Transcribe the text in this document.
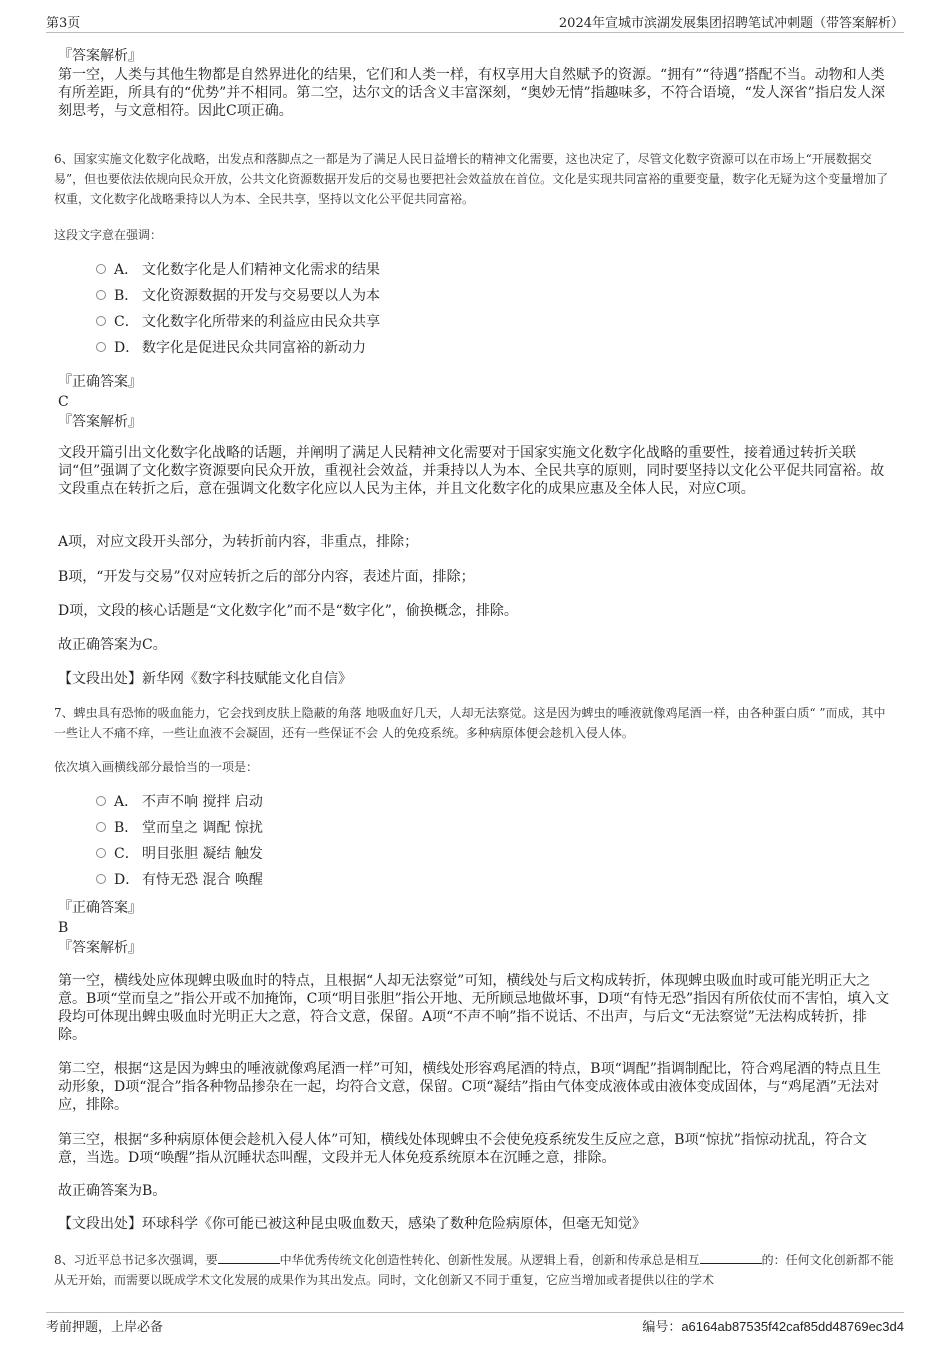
第3页	2024年宣城市滨湖发展集团招聘笔试冲刺题（带答案解析）

『答案解析』

第一空，人类与其他生物都是自然界进化的结果，它们和人类一样，有权享用大自然赋予的资源。“拥有”“待遇”搭配不当。动物和人类有所差距，所具有的“优势”并不相同。第二空，达尔文的话含义丰富深刻，“奥妙无情”指趣味多，不符合语境，“发人深省”指启发人深刻思考，与文意相符。因此C项正确。

6、国家实施文化数字化战略，出发点和落脚点之一都是为了满足人民日益增长的精神文化需要，这也决定了，尽管文化数字资源可以在市场上“开展数据交易”，但也要依法依规向民众开放，公共文化资源数据开发后的交易也要把社会效益放在首位。文化是实现共同富裕的重要变量，数字化无疑为这个变量增加了权重，文化数字化战略秉持以人为本、全民共享，坚持以文化公平促共同富裕。

这段文字意在强调：

A． 文化数字化是人们精神文化需求的结果
B． 文化资源数据的开发与交易要以人为本
C． 文化数字化所带来的利益应由民众共享
D． 数字化是促进民众共同富裕的新动力

『正确答案』

C

『答案解析』

文段开篇引出文化数字化战略的话题，并阐明了满足人民精神文化需要对于国家实施文化数字化战略的重要性，接着通过转折关联词“但”强调了文化数字资源要向民众开放，重视社会效益，并秉持以人为本、全民共享的原则，同时要坚持以文化公平促共同富裕。故文段重点在转折之后，意在强调文化数字化应以人民为主体，并且文化数字化的成果应惠及全体人民，对应C项。

A项，对应文段开头部分，为转折前内容，非重点，排除；

B项，“开发与交易”仅对应转折之后的部分内容，表述片面，排除；

D项，文段的核心话题是“文化数字化”而不是“数字化”，偷换概念，排除。

故正确答案为C。

【文段出处】新华网《数字科技赋能文化自信》

7、蜱虫具有恐怖的吸血能力，它会找到皮肤上隐蔽的角落 地吸血好几天，人却无法察觉。这是因为蜱虫的唾液就像鸡尾酒一样，由各种蛋白质“ ”而成，其中一些让人不痛不痒，一些让血液不会凝固，还有一些保证不会 人的免疫系统。多种病原体便会趁机入侵人体。

依次填入画横线部分最恰当的一项是：

A． 不声不响 搅拌 启动
B． 堂而皇之 调配 惊扰
C． 明目张胆 凝结 触发
D． 有恃无恐 混合 唤醒

『正确答案』

B

『答案解析』

第一空，横线处应体现蜱虫吸血时的特点，且根据“人却无法察觉”可知，横线处与后文构成转折，体现蜱虫吸血时或可能光明正大之意。B项“堂而皇之”指公开或不加掩饰，C项“明目张胆”指公开地、无所顾忌地做坏事，D项“有恃无恐”指因有所依仗而不害怕，填入文段均可体现出蜱虫吸血时光明正大之意，符合文意，保留。A项“不声不响”指不说话、不出声，与后文“无法察觉”无法构成转折，排除。

第二空，根据“这是因为蜱虫的唾液就像鸡尾酒一样”可知，横线处形容鸡尾酒的特点，B项“调配”指调制配比，符合鸡尾酒的特点且生动形象，D项“混合”指各种物品掺杂在一起，均符合文意，保留。C项“凝结”指由气体变成液体或由液体变成固体，与“鸡尾酒”无法对应，排除。

第三空，根据“多种病原体便会趁机入侵人体”可知，横线处体现蜱虫不会使免疫系统发生反应之意，B项“惊扰”指惊动扰乱，符合文意，当选。D项“唤醒”指从沉睡状态叫醒，文段并无人体免疫系统原本在沉睡之意，排除。

故正确答案为B。

【文段出处】环球科学《你可能已被这种昆虫吸血数天，感染了数种危险病原体，但毫无知觉》

8、习近平总书记多次强调，要	中华优秀传统文化创造性转化、创新性发展。从逻辑上看，创新和传承总是相互	的：任何文化创新都不能从无开始，而需要以既成学术文化发展的成果作为其出发点。同时，文化创新又不同于重复，它应当增加或者提供以往的学术

考前押题，上岸必备	编号：a6164ab87535f42caf85dd48769ec3d4
